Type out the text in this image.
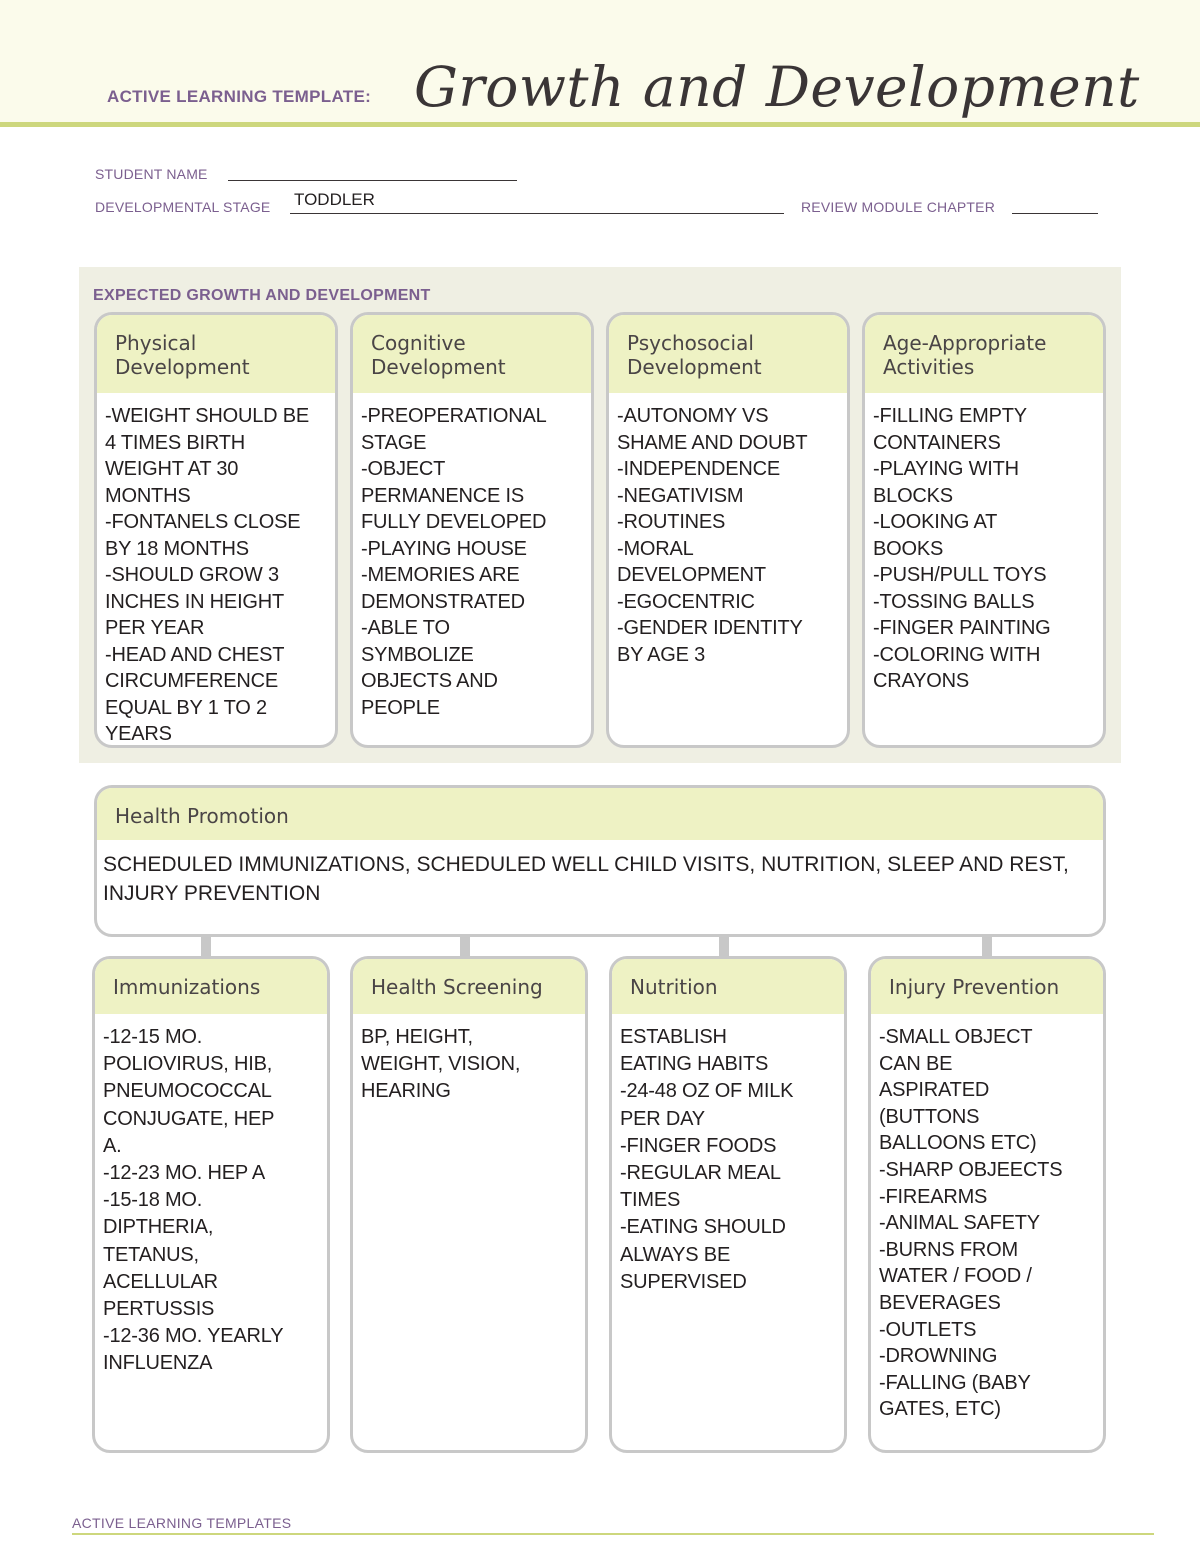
ACTIVE LEARNING TEMPLATE: Growth and Development
STUDENT NAME
DEVELOPMENTAL STAGE TODDLER	REVIEW MODULE CHAPTER
EXPECTED GROWTH AND DEVELOPMENT
Physical
Development
-WEIGHT SHOULD BE
4 TIMES BIRTH
WEIGHT AT 30
MONTHS
-FONTANELS CLOSE
BY 18 MONTHS
-SHOULD GROW 3
INCHES IN HEIGHT
PER YEAR
-HEAD AND CHEST
CIRCUMFERENCE
EQUAL BY 1 TO 2
YEARS
Cognitive
Development
-PREOPERATIONAL
STAGE
-OBJECT
PERMANENCE IS
FULLY DEVELOPED
-PLAYING HOUSE
-MEMORIES ARE
DEMONSTRATED
-ABLE TO
SYMBOLIZE
OBJECTS AND
PEOPLE
Psychosocial
Development
-AUTONOMY VS
SHAME AND DOUBT
-INDEPENDENCE
-NEGATIVISM
-ROUTINES
-MORAL
DEVELOPMENT
-EGOCENTRIC
-GENDER IDENTITY
BY AGE 3
Age-Appropriate
Activities
-FILLING EMPTY
CONTAINERS
-PLAYING WITH
BLOCKS
-LOOKING AT
BOOKS
-PUSH/PULL TOYS
-TOSSING BALLS
-FINGER PAINTING
-COLORING WITH
CRAYONS
Health Promotion
SCHEDULED IMMUNIZATIONS, SCHEDULED WELL CHILD VISITS, NUTRITION, SLEEP AND REST, INJURY PREVENTION
Immunizations
-12-15 MO.
POLIOVIRUS, HIB,
PNEUMOCOCCAL
CONJUGATE, HEP
A.
-12-23 MO. HEP A
-15-18 MO.
DIPTHERIA,
TETANUS,
ACELLULAR
PERTUSSIS
-12-36 MO. YEARLY
INFLUENZA
Health Screening
BP, HEIGHT,
WEIGHT, VISION,
HEARING
Nutrition
ESTABLISH
EATING HABITS
-24-48 OZ OF MILK
PER DAY
-FINGER FOODS
-REGULAR MEAL
TIMES
-EATING SHOULD
ALWAYS BE
SUPERVISED
Injury Prevention
-SMALL OBJECT
CAN BE
ASPIRATED
(BUTTONS
BALLOONS ETC)
-SHARP OBJEECTS
-FIREARMS
-ANIMAL SAFETY
-BURNS FROM
WATER / FOOD /
BEVERAGES
-OUTLETS
-DROWNING
-FALLING (BABY
GATES, ETC)
ACTIVE LEARNING TEMPLATES
